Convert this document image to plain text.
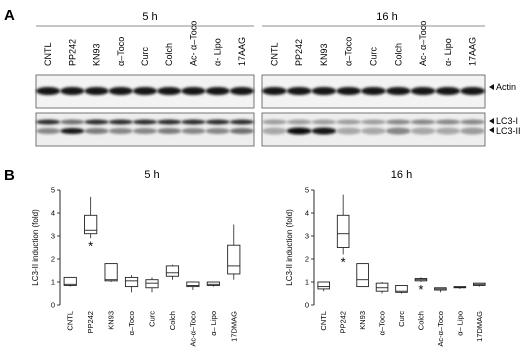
A	5 h	16 h
CNTL PP242 KN93 α–Toco Curc Colch Ac- α–Toco α- Lipo 17AAG	CNTL PP242 KN93 α–Toco Curc Colch Ac- α–Toco α- Lipo 17AAG
Actin
LC3-I
LC3-II
B	5 h
0
1
2
3
4
5
LC3-II induction (fold)
CNTL PP242 KN93 α–Toco Curc Colch Ac-α–Toco α– Lipo 17DMAG
*
16 h
0
1
2
3
4
5
LC3-II induction (fold)
CNTL PP242 KN93 α–Toco Curc Colch Ac-α–Toco α– Lipo 17DMAG
*
*
